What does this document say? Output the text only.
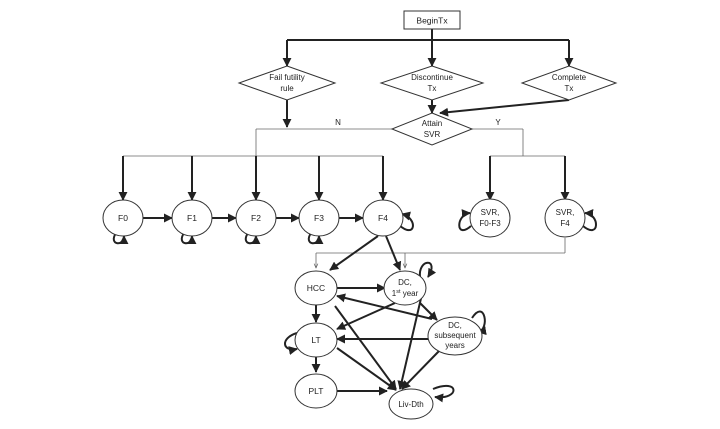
BeginTx
Fail futility
rule
Discontinue
Tx
Complete
Tx
Attain
SVR
N	Y
F0	F1	F2	F3	F4
SVR,
F0-F3
SVR,
F4
HCC
DC,
1st year
DC,
subsequent
years
LT
PLT
Liv-Dth
